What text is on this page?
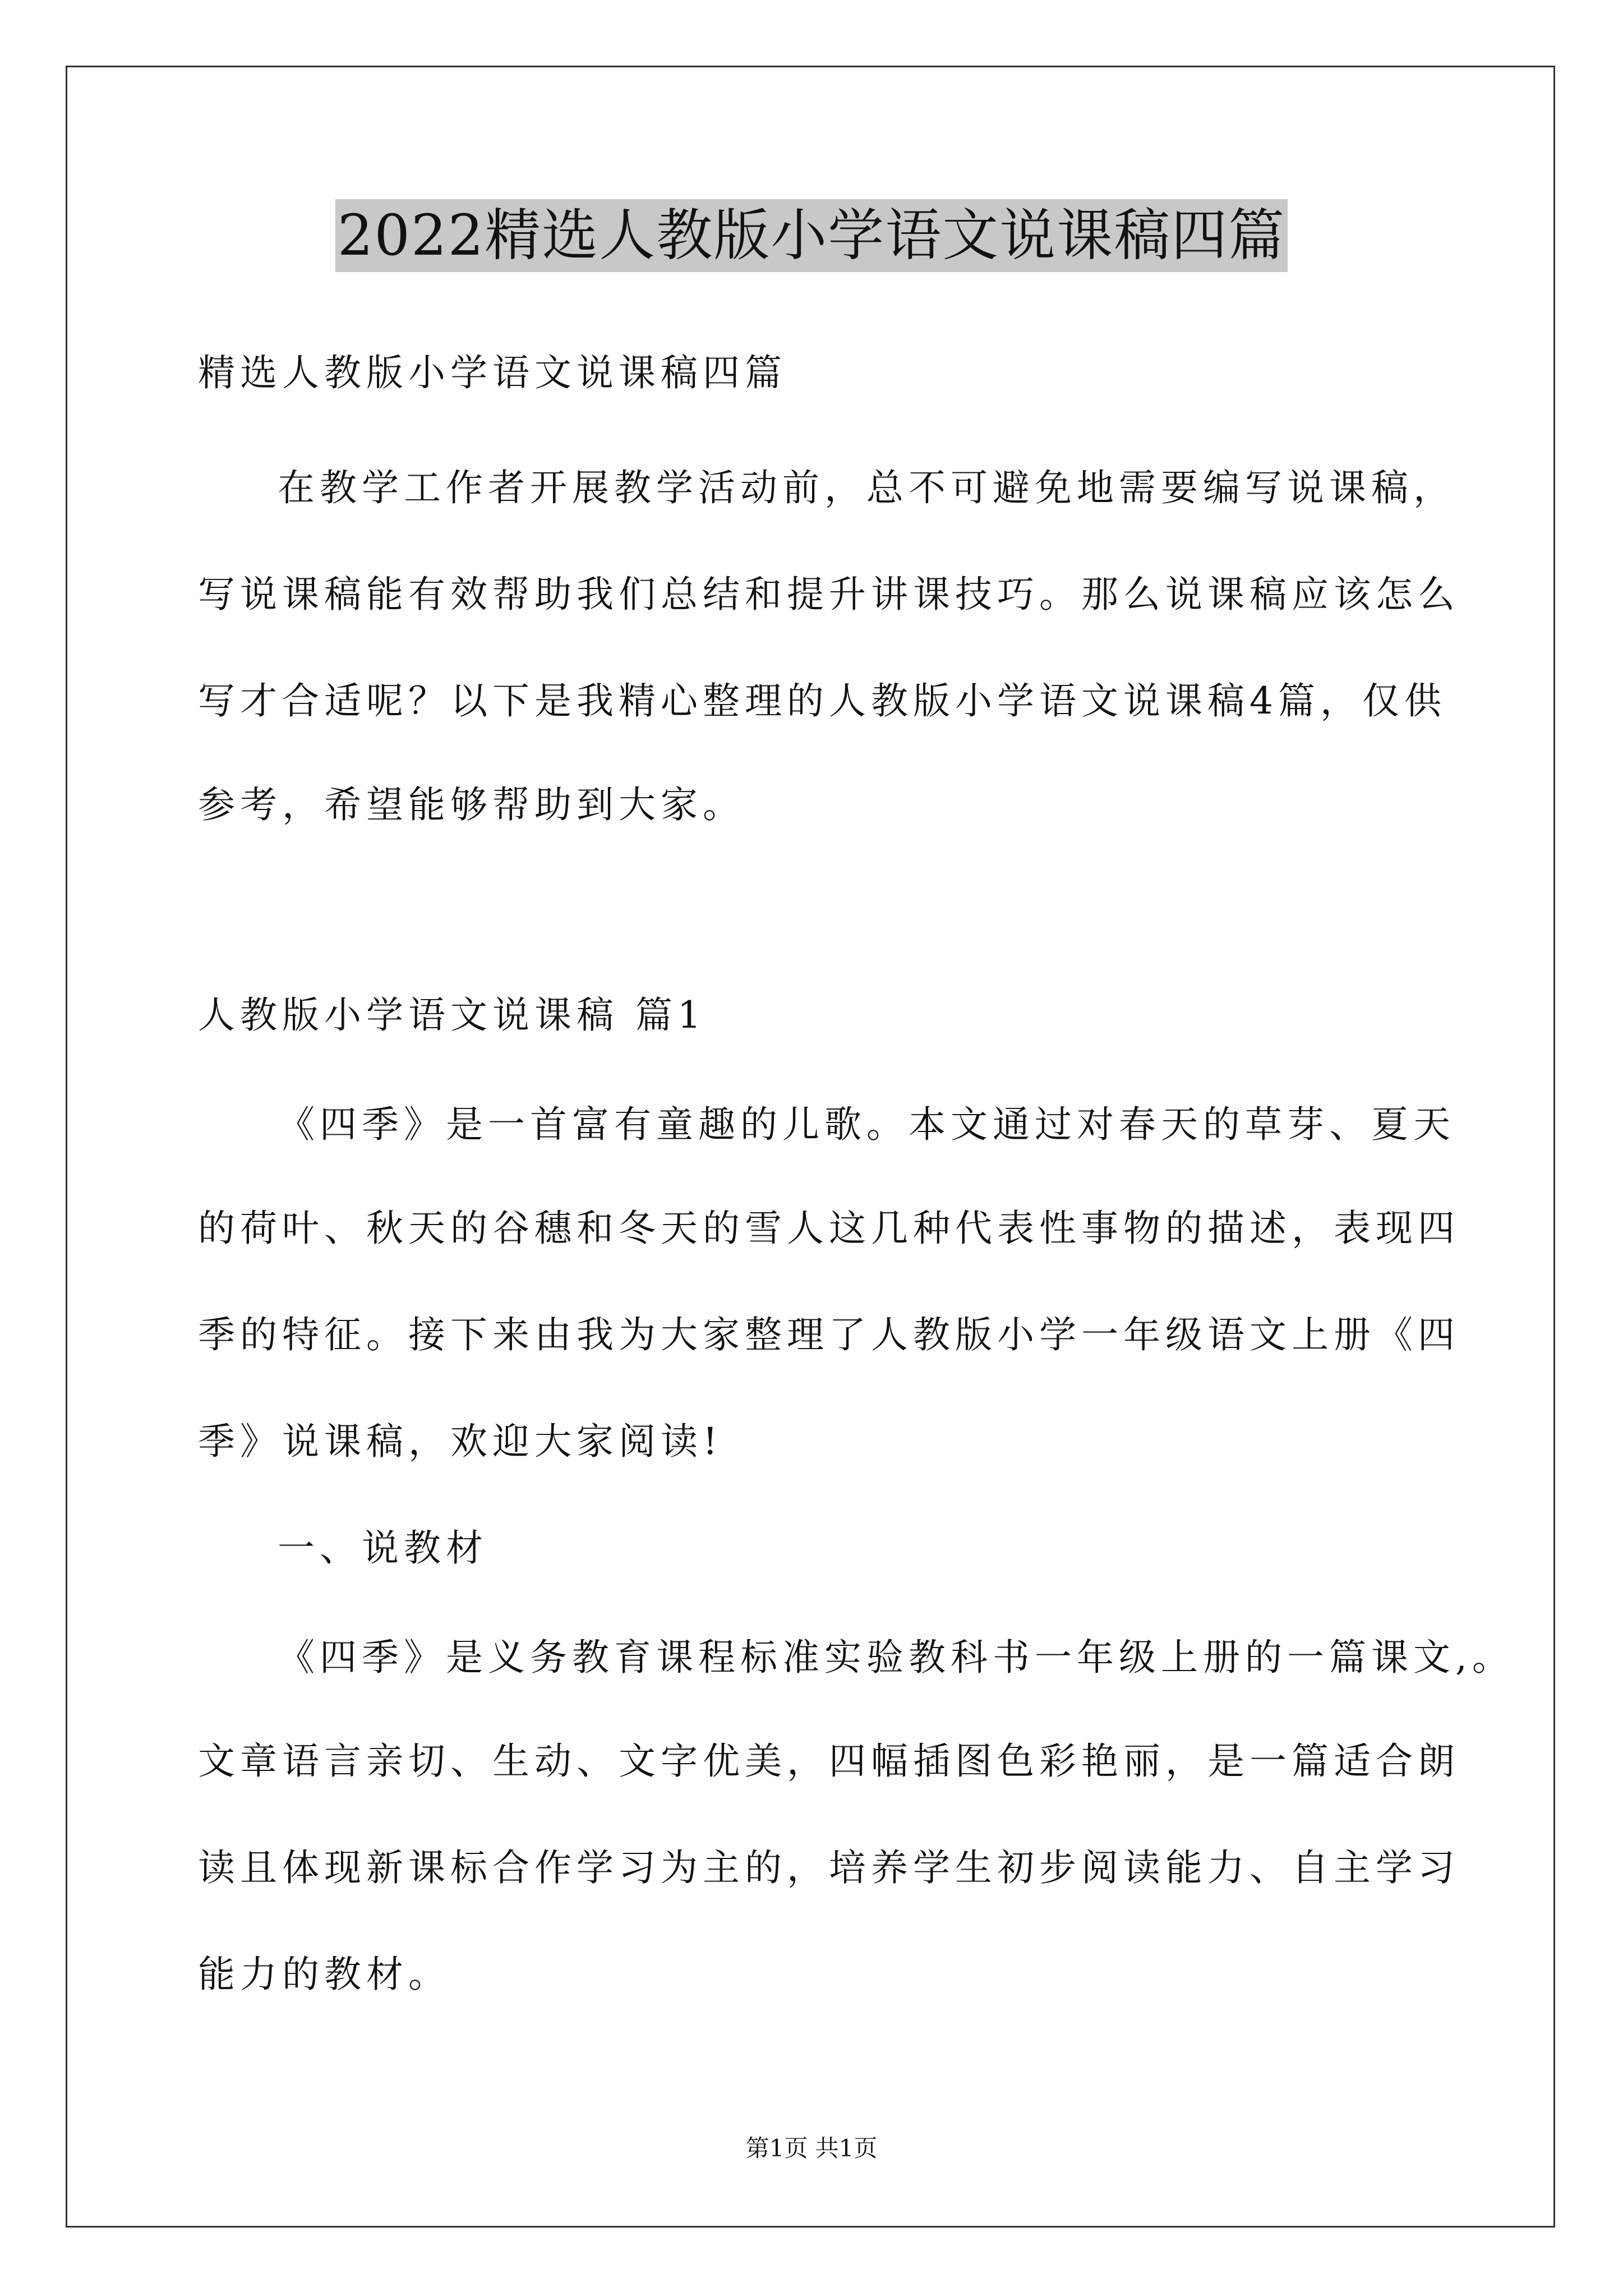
2022精选人教版小学语文说课稿四篇
精选人教版小学语文说课稿四篇
在教学工作者开展教学活动前，总不可避免地需要编写说课稿，
写说课稿能有效帮助我们总结和提升讲课技巧。那么说课稿应该怎么
写才合适呢？以下是我精心整理的人教版小学语文说课稿4篇，仅供
参考，希望能够帮助到大家。
人教版小学语文说课稿 篇1
《四季》是一首富有童趣的儿歌。本文通过对春天的草芽、夏天
的荷叶、秋天的谷穗和冬天的雪人这几种代表性事物的描述，表现四
季的特征。接下来由我为大家整理了人教版小学一年级语文上册《四
季》说课稿，欢迎大家阅读!
一、说教材
《四季》是义务教育课程标准实验教科书一年级上册的一篇课文,。
文章语言亲切、生动、文字优美，四幅插图色彩艳丽，是一篇适合朗
读且体现新课标合作学习为主的，培养学生初步阅读能力、自主学习
能力的教材。
第1页 共1页
